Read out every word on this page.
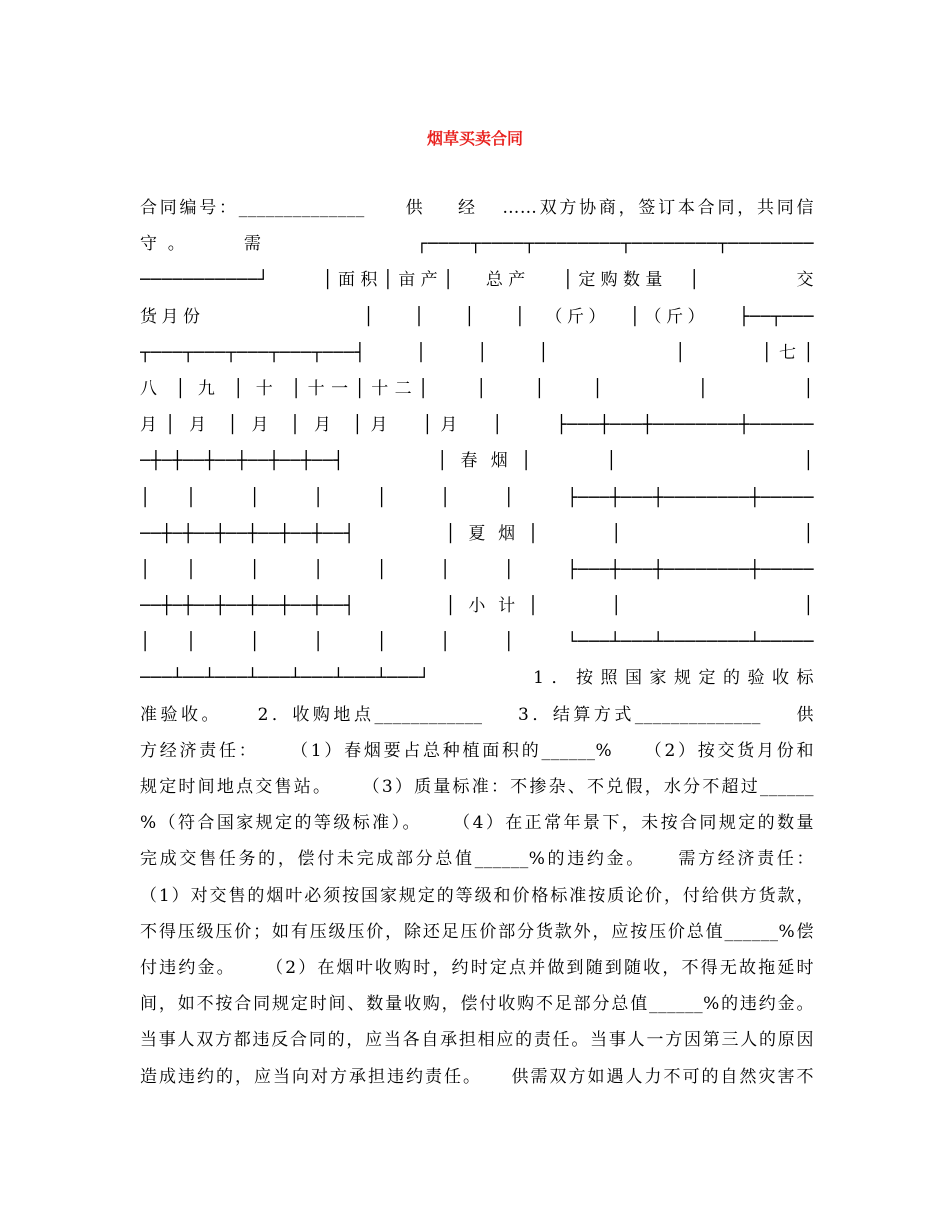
烟草买卖合同
合同编号：______________     供    经   ……双方协商，签订本合同，共同信
守。   需         ┌────┬────┬────────┬────────┬────────
───────────┘     │面积│亩产│   总产   │定购数量  │         交
货月份                │    │    │    │  （斤）  │（斤）   ├──┬───
┬───┬───┬───┬───┬───┤    │    │    │          │      │七│
八 │ 九 │ 十 │十一│十二│    │    │    │        │        │
月│ 月 │ 月 │ 月 │月  │月  │    ├───┼───┼────────┼──────
─┼─┼──┼──┼──┼──┼──┤     │春烟│    │          │
│  │   │   │   │   │   │   ├───┼───┼────────┼─────
──┼─┼──┼──┼──┼──┼──┤     │夏烟│    │          │
│  │   │   │   │   │   │   ├───┼───┼────────┼─────
──┼─┼──┼──┼──┼──┼──┤     │小计│    │          │
│  │   │   │   │   │   │   └───┴───┴────────┴─────
───┴──┴───┴───┴───┴───┴───┘        1．按照国家规定的验收标
准验收。    2．收购地点____________    3．结算方式______________    供
方经济责任：    （1）春烟要占总种植面积的______%    （2）按交货月份和
规定时间地点交售站。    （3）质量标准：不掺杂、不兑假，水分不超过______
%（符合国家规定的等级标准）。    （4）在正常年景下，未按合同规定的数量
完成交售任务的，偿付未完成部分总值______%的违约金。    需方经济责任：
（1）对交售的烟叶必须按国家规定的等级和价格标准按质论价，付给供方货款，
不得压级压价；如有压级压价，除还足压价部分货款外，应按压价总值______%偿
付违约金。    （2）在烟叶收购时，约时定点并做到随到随收，不得无故拖延时
间，如不按合同规定时间、数量收购，偿付收购不足部分总值______%的违约金。
当事人双方都违反合同的，应当各自承担相应的责任。当事人一方因第三人的原因
造成违约的，应当向对方承担违约责任。    供需双方如遇人力不可的自然灾害不
